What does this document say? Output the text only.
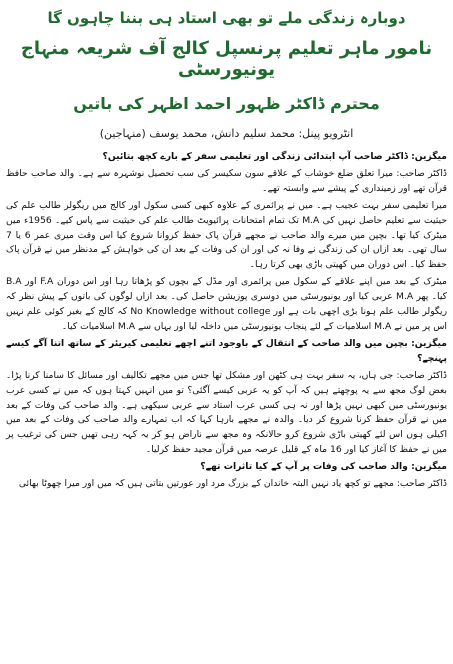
دوبارہ زندگی ملے تو بھی استاد ہی بننا چاہوں گا
نامور ماہر تعلیم پرنسپل کالج آف شریعہ منہاج یونیورسٹی
محترم ڈاکٹر ظہور احمد اظہر کی باتیں
انٹرویو پینل: محمد سلیم دانش، محمد یوسف (منہاجین)

میگزین: ڈاکٹر صاحب آپ ابتدائی زندگی اور تعلیمی سفر کے بارے کچھ بتائیں؟

ڈاکٹر صاحب: میرا تعلق ضلع خوشاب کے علاقے سون سکیسر کی سب تحصیل نوشہرہ سے ہے۔ والد صاحب حافظ قرآن تھے اور زمینداری کے پیشے سے وابستہ تھے۔

میرا تعلیمی سفر بہت عجیب ہے۔ میں نے پرائمری کے علاوہ کبھی کسی سکول اور کالج میں ریگولر طالب علم کی حیثیت سے تعلیم حاصل نہیں کی M.A تک تمام امتحانات پرائیویٹ طالب علم کی حیثیت سے پاس کیے۔ 1956ء میں میٹرک کیا تھا۔ بچپن میں میرے والد صاحب نے مجھے قرآن پاک حفظ کروانا شروع کیا اس وقت میری عمر 6 یا 7 سال تھی۔ بعد ازاں ان کی زندگی نے وفا نہ کی اور ان کی وفات کے بعد ان کی خواہش کے مدنظر میں نے قرآن پاک حفظ کیا۔ اس دوران میں کھیتی باڑی بھی کرتا رہا۔

میٹرک کے بعد میں اپنے علاقے کے سکول میں پرائمری اور مڈل کے بچوں کو پڑھاتا رہا اور اس دوران F.A اور B.A کیا۔ پھر M.A عربی کیا اور یونیورسٹی میں دوسری پوزیشن حاصل کی۔ بعد ازاں لوگوں کی باتوں کے پیش نظر کہ ریگولر طالب علم ہونا بڑی اچھی بات ہے اور No Knowledge without college کہ کالج کے بغیر کوئی علم نہیں اس پر میں نے M.A اسلامیات کے لئے پنجاب یونیورسٹی میں داخلہ لیا اور یہاں سے M.A اسلامیات کیا۔

میگزین: بچپن میں والد صاحب کے انتقال کے باوجود اتنے اچھے تعلیمی کیریئر کے ساتھ اتنا آگے کیسے پہنچے؟

ڈاکٹر صاحب: جی ہاں، یہ سفر بہت ہی کٹھن اور مشکل تھا جس میں مجھے تکالیف اور مسائل کا سامنا کرنا پڑا۔ بعض لوگ مجھ سے یہ پوچھتے ہیں کہ آپ کو یہ عربی کیسے آگئی؟ تو میں انہیں کہتا ہوں کہ میں نے کسی عرب یونیورسٹی میں کبھی نہیں پڑھا اور نہ ہی کسی عرب استاد سے عربی سیکھی ہے۔ والد صاحب کی وفات کے بعد میں نے قرآن حفظ کرنا شروع کر دیا۔ والدہ نے مجھے بارہا کہا کہ اب تمہارے والد صاحب کی وفات کے بعد میں اکیلی ہوں اس لئے کھیتی باڑی شروع کرو حالانکہ وہ مجھ سے ناراض ہو کر یہ کہہ رہی تھیں جس کی ترغیب پر میں نے حفظ کا آغاز کیا اور 16 ماہ کے قلیل عرصہ میں قرآن مجید حفظ کرلیا۔

میگزین: والد صاحب کی وفات پر آپ کے کیا تاثرات تھے؟

ڈاکٹر صاحب: مجھے تو کچھ یاد نہیں البتہ خاندان کے بزرگ مرد اور عورتیں بتاتی ہیں کہ میں اور میرا چھوٹا بھائی
